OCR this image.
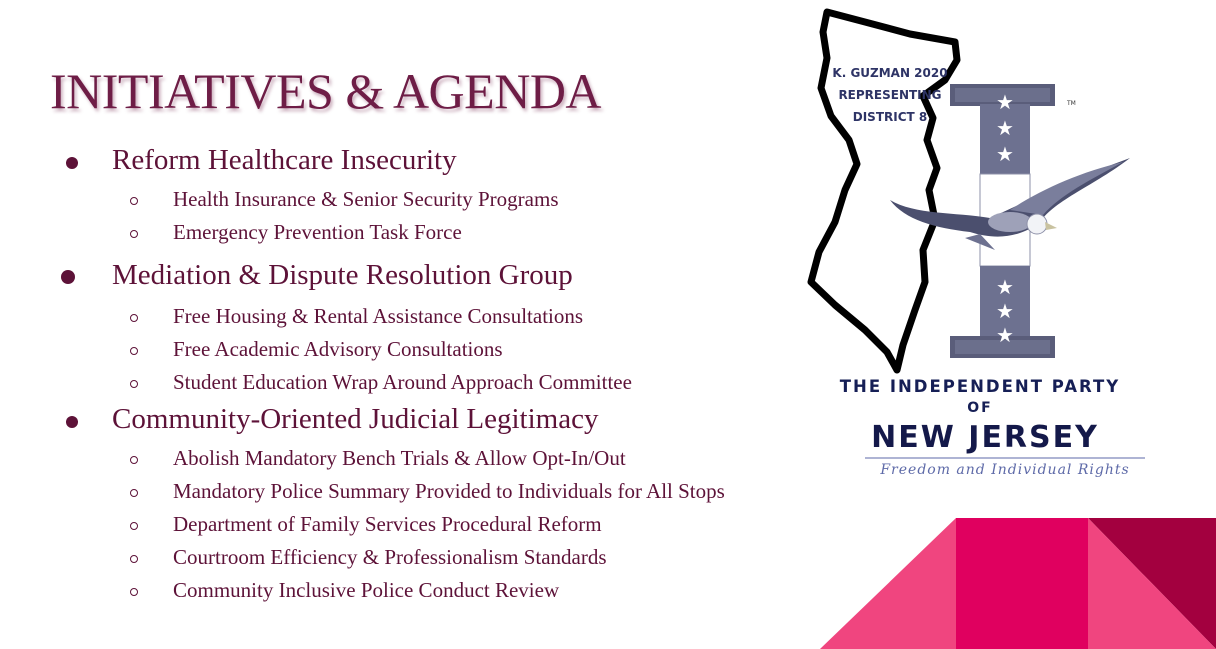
INITIATIVES & AGENDA
Reform Healthcare Insecurity
Health Insurance & Senior Security Programs
Emergency Prevention Task Force
Mediation & Dispute Resolution Group
Free Housing & Rental Assistance Consultations
Free Academic Advisory Consultations
Student Education Wrap Around Approach Committee
Community-Oriented Judicial Legitimacy
Abolish Mandatory Bench Trials & Allow Opt-In/Out
Mandatory Police Summary Provided to Individuals for All Stops
Department of Family Services Procedural Reform
Courtroom Efficiency & Professionalism Standards
Community Inclusive Police Conduct Review
★
★
★
★
★
★
TM
K. GUZMAN 2020
REPRESENTING
DISTRICT 8
THE INDEPENDENT PARTY
OF
NEW JERSEY
Freedom and Individual Rights
